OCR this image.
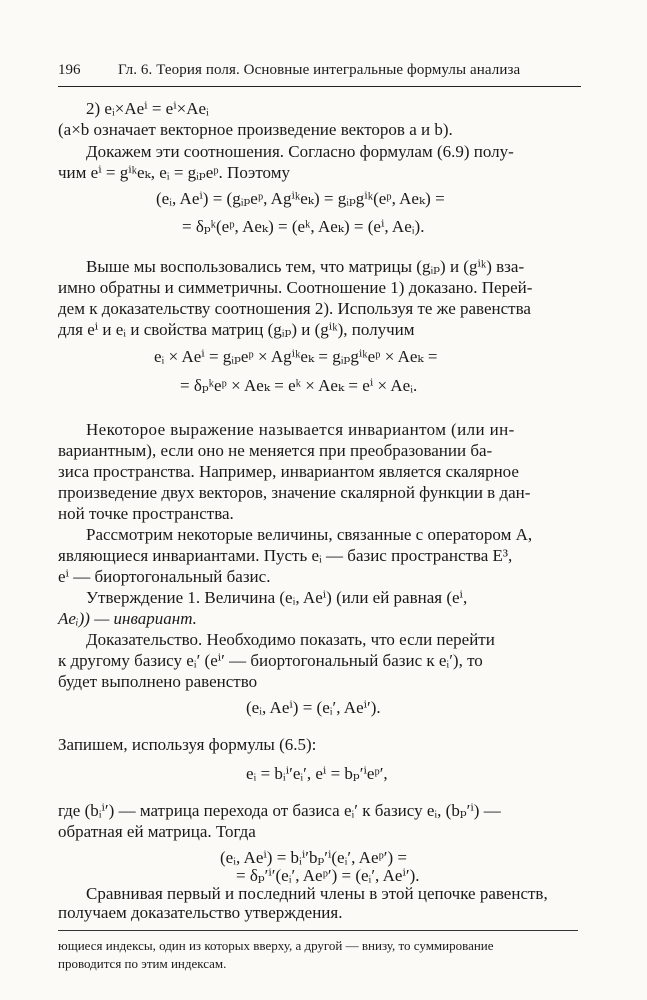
196	Гл. 6. Теория поля. Основные интегральные формулы анализа
2) eᵢ×Aeⁱ = eⁱ×Aeᵢ
(a×b означает векторное произведение векторов a и b).
Докажем эти соотношения. Согласно формулам (6.9) полу-
чим eⁱ = gⁱᵏeₖ, eᵢ = gᵢₚeᵖ. Поэтому
(eᵢ, Aeⁱ) = (gᵢₚeᵖ, Agⁱᵏeₖ) = gᵢₚgⁱᵏ(eᵖ, Aeₖ) =
= δₚᵏ(eᵖ, Aeₖ) = (eᵏ, Aeₖ) = (eⁱ, Aeᵢ).
Выше мы воспользовались тем, что матрицы (gᵢₚ) и (gⁱᵏ) вза-
имно обратны и симметричны. Соотношение 1) доказано. Перей-
дем к доказательству соотношения 2). Используя те же равенства
для eⁱ и eᵢ и свойства матриц (gᵢₚ) и (gⁱᵏ), получим
eᵢ × Aeⁱ = gᵢₚeᵖ × Agⁱᵏeₖ = gᵢₚgⁱᵏeᵖ × Aeₖ =
= δₚᵏeᵖ × Aeₖ = eᵏ × Aeₖ = eⁱ × Aeᵢ.
Некоторое выражение называется инвариантом (или ин-
вариантным), если оно не меняется при преобразовании ба-
зиса пространства. Например, инвариантом является скалярное
произведение двух векторов, значение скалярной функции в дан-
ной точке пространства.
Рассмотрим некоторые величины, связанные с оператором A,
являющиеся инвариантами. Пусть eᵢ — базис пространства E³,
eⁱ — биортогональный базис.
Утверждение 1. Величина (eᵢ, Aeⁱ) (или ей равная (eⁱ,
Aeᵢ)) — инвариант.
Доказательство. Необходимо показать, что если перейти
к другому базису eᵢ′ (eⁱ′ — биортогональный базис к eᵢ′), то
будет выполнено равенство
(eᵢ, Aeⁱ) = (eᵢ′, Aeⁱ′).
Запишем, используя формулы (6.5):
eᵢ = bᵢⁱ′eᵢ′, eⁱ = bₚ′ⁱeᵖ′,
где (bᵢⁱ′) — матрица перехода от базиса eᵢ′ к базису eᵢ, (bₚ′ⁱ) —
обратная ей матрица. Тогда
(eᵢ, Aeⁱ) = bᵢⁱ′bₚ′ⁱ(eᵢ′, Aeᵖ′) =
= δₚ′ⁱ′(eᵢ′, Aeᵖ′) = (eᵢ′, Aeⁱ′).
Сравнивая первый и последний члены в этой цепочке равенств,
получаем доказательство утверждения.
ющиеся индексы, один из которых вверху, а другой — внизу, то суммирование
проводится по этим индексам.
